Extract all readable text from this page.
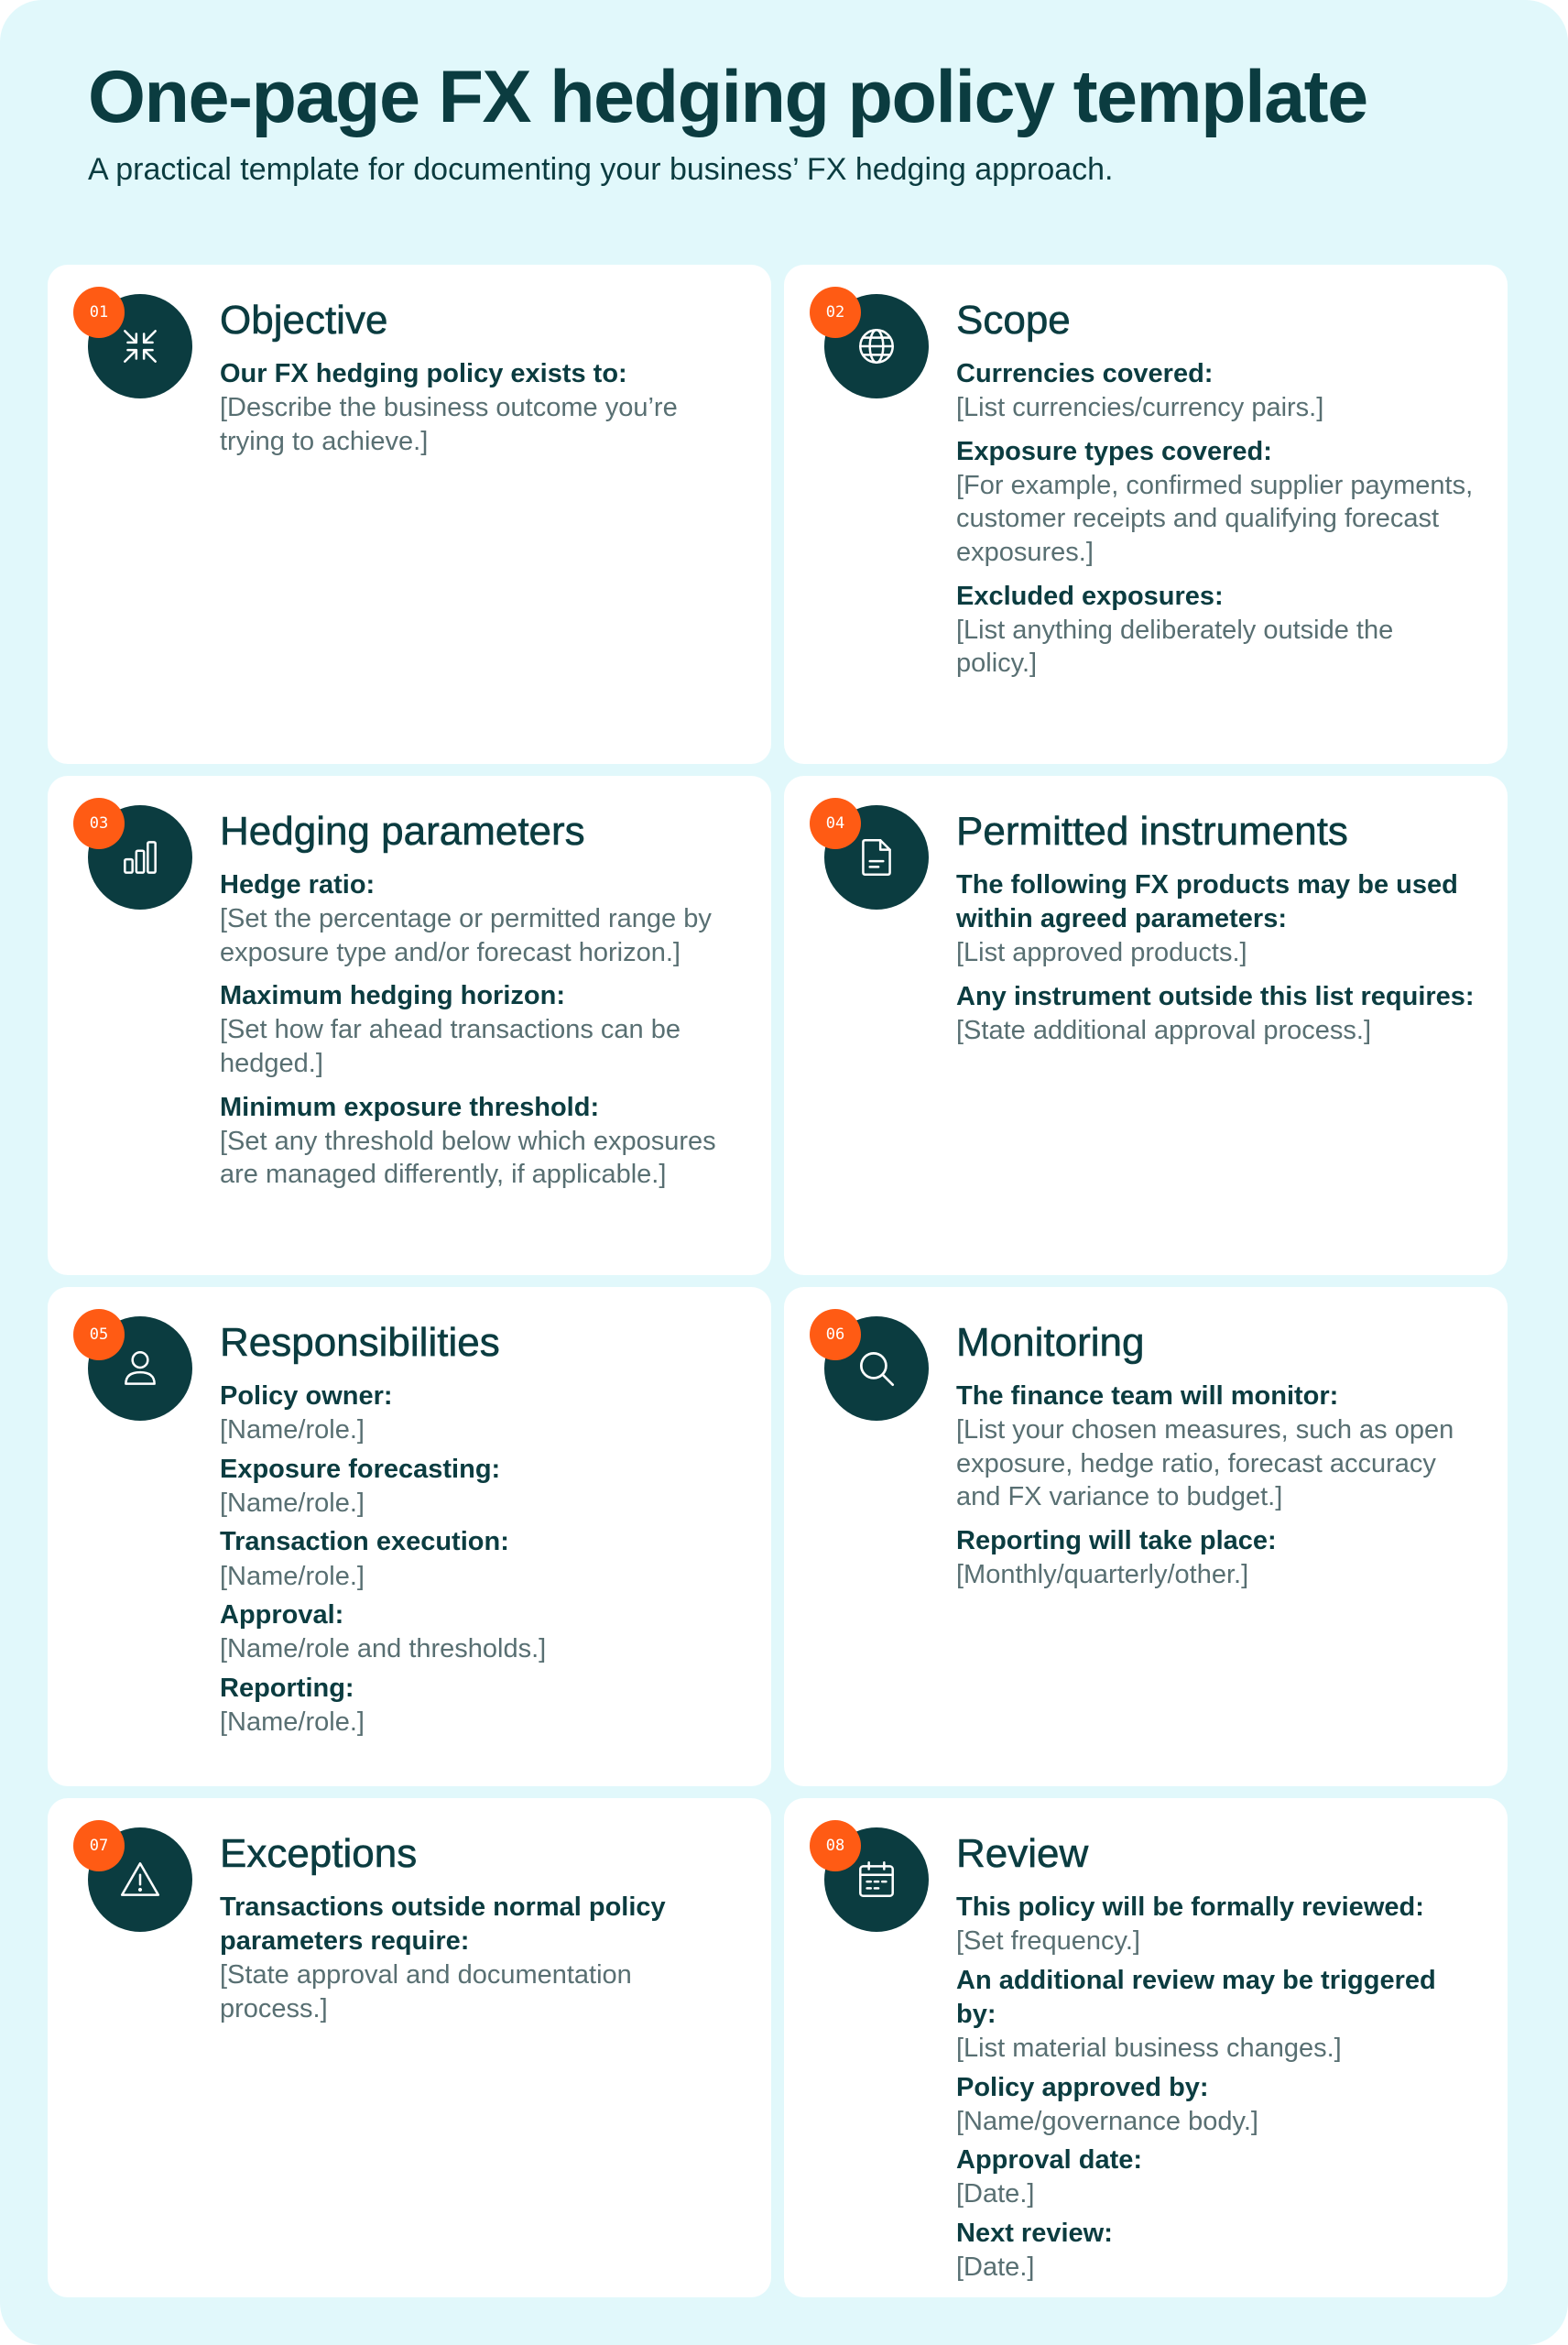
One-page FX hedging policy template

A practical template for documenting your business’ FX hedging approach.

01	Objective
Our FX hedging policy exists to:
[Describe the business outcome you’re trying to achieve.]
02	Scope
Currencies covered:
[List currencies/currency pairs.]
Exposure types covered:
[For example, confirmed supplier payments, customer receipts and qualifying forecast exposures.]
Excluded exposures:
[List anything deliberately outside the policy.]
03	Hedging parameters
Hedge ratio:
[Set the percentage or permitted range by exposure type and/or forecast horizon.]
Maximum hedging horizon:
[Set how far ahead transactions can be hedged.]
Minimum exposure threshold:
[Set any threshold below which exposures are managed differently, if applicable.]
04	Permitted instruments
The following FX products may be used within agreed parameters:
[List approved products.]
Any instrument outside this list requires:
[State additional approval process.]
05	Responsibilities
Policy owner:
[Name/role.]
Exposure forecasting:
[Name/role.]
Transaction execution:
[Name/role.]
Approval:
[Name/role and thresholds.]
Reporting:
[Name/role.]
06	Monitoring
The finance team will monitor:
[List your chosen measures, such as open exposure, hedge ratio, forecast accuracy and FX variance to budget.]
Reporting will take place:
[Monthly/quarterly/other.]
07	Exceptions
Transactions outside normal policy parameters require:
[State approval and documentation process.]
08	Review
This policy will be formally reviewed:
[Set frequency.]
An additional review may be triggered by:
[List material business changes.]
Policy approved by:
[Name/governance body.]
Approval date:
[Date.]
Next review:
[Date.]
